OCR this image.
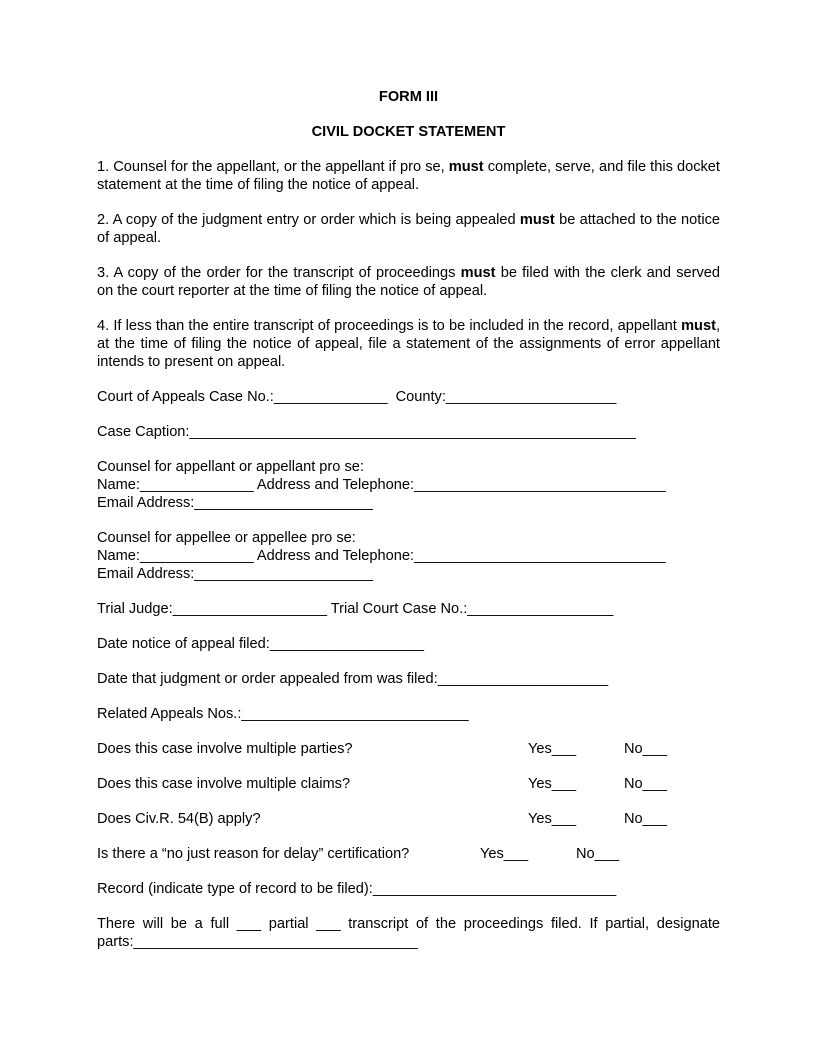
FORM III

CIVIL DOCKET STATEMENT

1. Counsel for the appellant, or the appellant if pro se, must complete, serve, and file this docket statement at the time of filing the notice of appeal.

2. A copy of the judgment entry or order which is being appealed must be attached to the notice of appeal.

3. A copy of the order for the transcript of proceedings must be filed with the clerk and served on the court reporter at the time of filing the notice of appeal.

4. If less than the entire transcript of proceedings is to be included in the record, appellant must, at the time of filing the notice of appeal, file a statement of the assignments of error appellant intends to present on appeal.

Court of Appeals Case No.:______________ County:_____________________
Case Caption:_______________________________________________________
Counsel for appellant or appellant pro se:
Name:______________ Address and Telephone:_______________________________
Email Address:______________________
Counsel for appellee or appellee pro se:
Name:______________ Address and Telephone:_______________________________
Email Address:______________________
Trial Judge:___________________ Trial Court Case No.:__________________
Date notice of appeal filed:___________________
Date that judgment or order appealed from was filed:_____________________
Related Appeals Nos.:____________________________
Does this case involve multiple parties?	Yes___	No___
Does this case involve multiple claims?	Yes___	No___
Does Civ.R. 54(B) apply?	Yes___	No___
Is there a “no just reason for delay” certification?	Yes___	No___
Record (indicate type of record to be filed):______________________________

There will be a full ___ partial ___ transcript of the proceedings filed. If partial, designate parts:___________________________________
